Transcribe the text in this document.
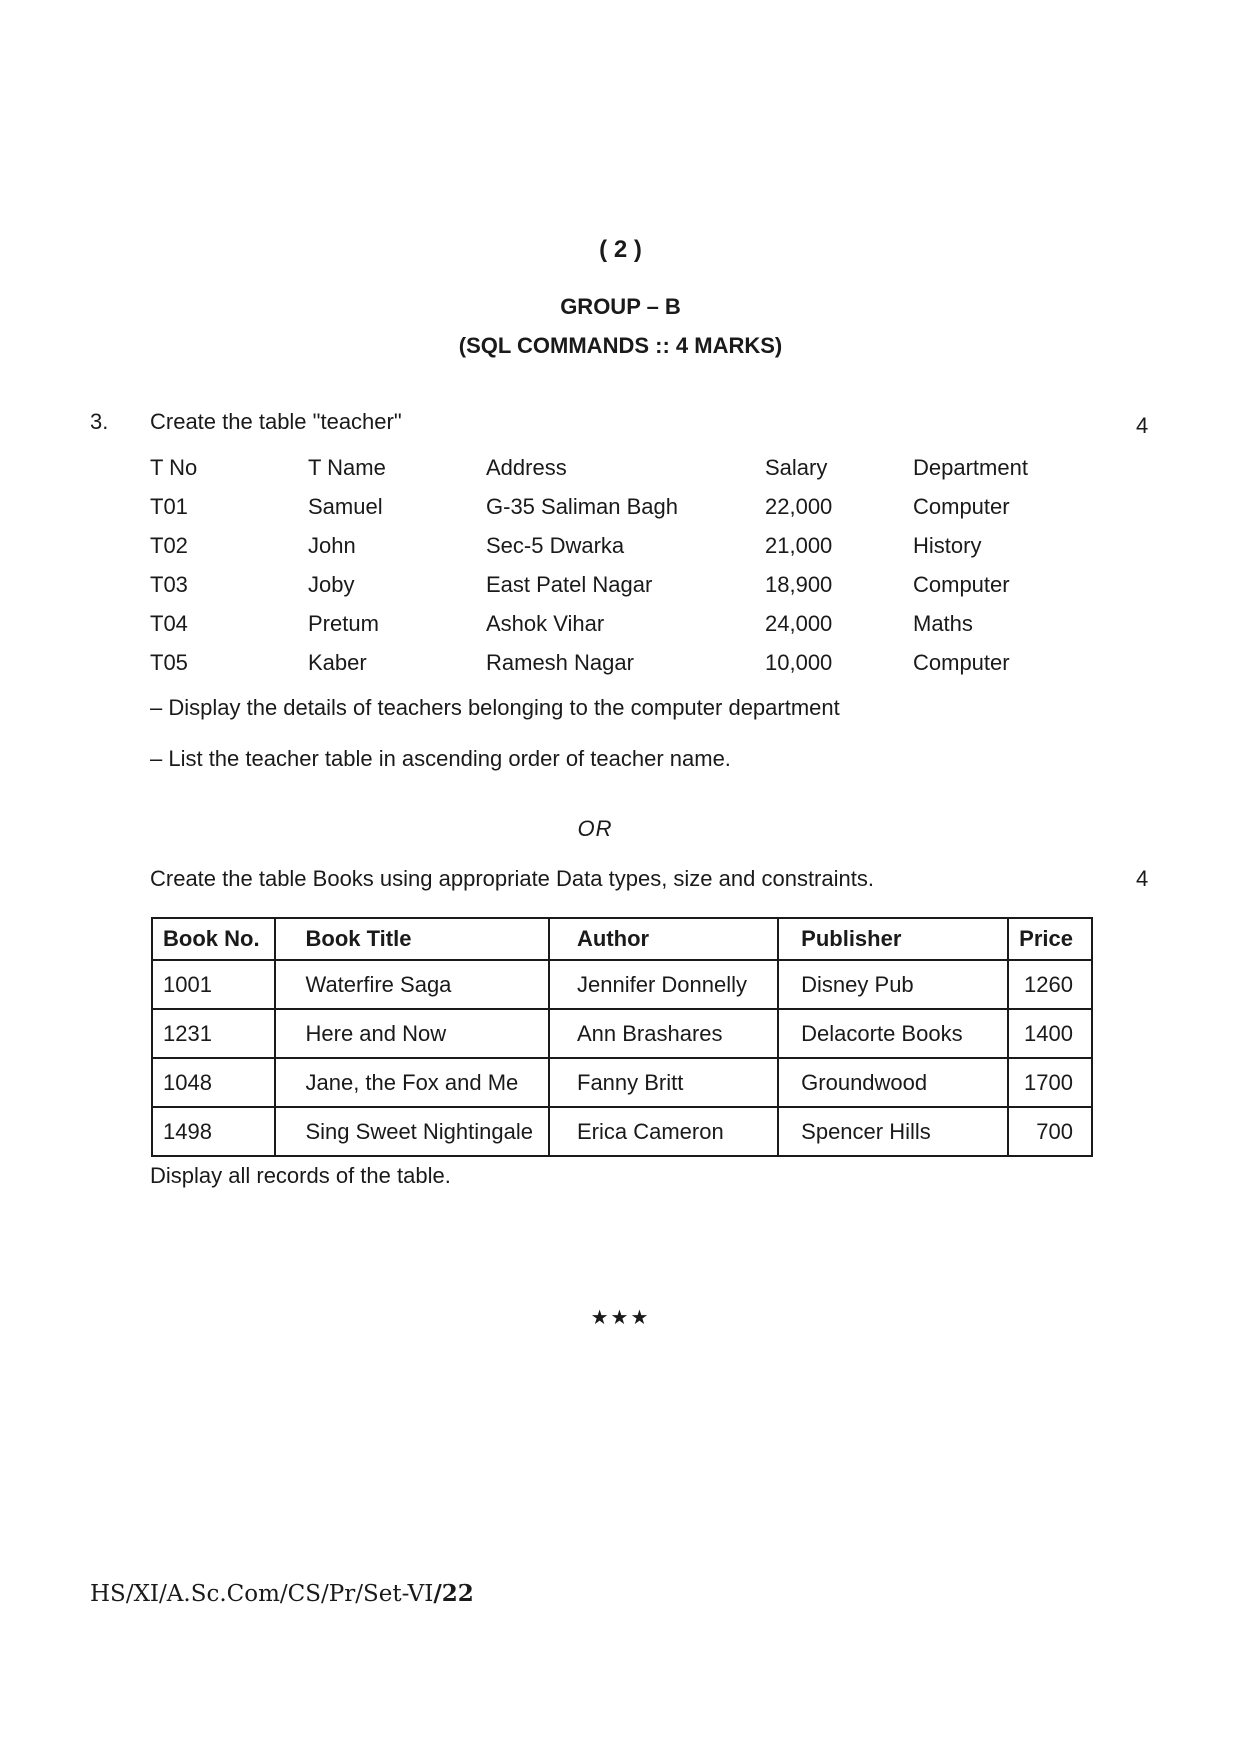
( 2 )
GROUP – B
(SQL COMMANDS :: 4 MARKS)
3. Create the table "teacher"	4
T No	T Name	Address	Salary	Department
T01	Samuel	G-35 Saliman Bagh	22,000	Computer
T02	John	Sec-5 Dwarka	21,000	History
T03	Joby	East Patel Nagar	18,900	Computer
T04	Pretum	Ashok Vihar	24,000	Maths
T05	Kaber	Ramesh Nagar	10,000	Computer
– Display the details of teachers belonging to the computer department
– List the teacher table in ascending order of teacher name.
OR
Create the table Books using appropriate Data types, size and constraints.	4
Book No.	Book Title	Author	Publisher	Price
1001	Waterfire Saga	Jennifer Donnelly	Disney Pub	1260
1231	Here and Now	Ann Brashares	Delacorte Books	1400
1048	Jane, the Fox and Me	Fanny Britt	Groundwood	1700
1498	Sing Sweet Nightingale	Erica Cameron	Spencer Hills	700
Display all records of the table.
★★★
HS/XI/A.Sc.Com/CS/Pr/Set-VI/22
